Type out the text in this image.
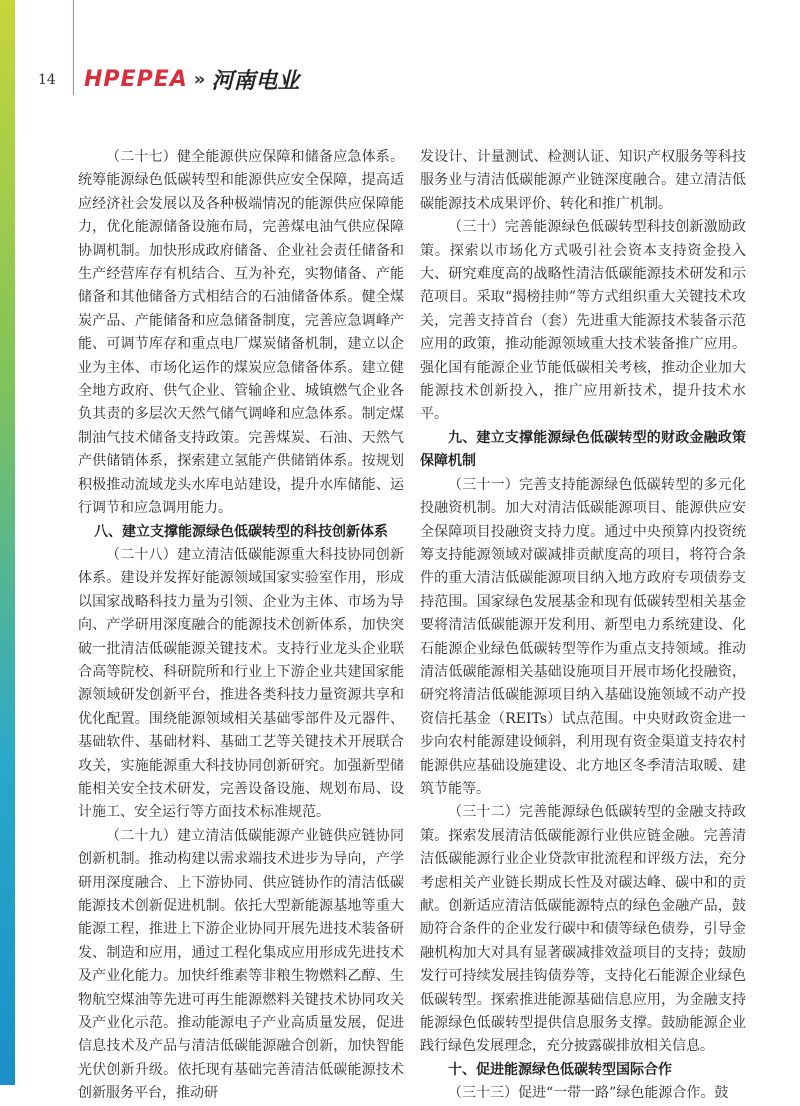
14 HPEPEA » 河南电业

（二十七）健全能源供应保障和储备应急体系。统筹能源绿色低碳转型和能源供应安全保障，提高适应经济社会发展以及各种极端情况的能源供应保障能力，优化能源储备设施布局，完善煤电油气供应保障协调机制。加快形成政府储备、企业社会责任储备和生产经营库存有机结合、互为补充，实物储备、产能储备和其他储备方式相结合的石油储备体系。健全煤炭产品、产能储备和应急储备制度，完善应急调峰产能、可调节库存和重点电厂煤炭储备机制，建立以企业为主体、市场化运作的煤炭应急储备体系。建立健全地方政府、供气企业、管输企业、城镇燃气企业各负其责的多层次天然气储气调峰和应急体系。制定煤制油气技术储备支持政策。完善煤炭、石油、天然气产供储销体系，探索建立氢能产供储销体系。按规划积极推动流域龙头水库电站建设，提升水库储能、运行调节和应急调用能力。

八、建立支撑能源绿色低碳转型的科技创新体系

（二十八）建立清洁低碳能源重大科技协同创新体系。建设并发挥好能源领域国家实验室作用，形成以国家战略科技力量为引领、企业为主体、市场为导向、产学研用深度融合的能源技术创新体系，加快突破一批清洁低碳能源关键技术。支持行业龙头企业联合高等院校、科研院所和行业上下游企业共建国家能源领域研发创新平台，推进各类科技力量资源共享和优化配置。围绕能源领域相关基础零部件及元器件、基础软件、基础材料、基础工艺等关键技术开展联合攻关，实施能源重大科技协同创新研究。加强新型储能相关安全技术研发，完善设备设施、规划布局、设计施工、安全运行等方面技术标准规范。

（二十九）建立清洁低碳能源产业链供应链协同创新机制。推动构建以需求端技术进步为导向，产学研用深度融合、上下游协同、供应链协作的清洁低碳能源技术创新促进机制。依托大型新能源基地等重大能源工程，推进上下游企业协同开展先进技术装备研发、制造和应用，通过工程化集成应用形成先进技术及产业化能力。加快纤维素等非粮生物燃料乙醇、生物航空煤油等先进可再生能源燃料关键技术协同攻关及产业化示范。推动能源电子产业高质量发展，促进信息技术及产品与清洁低碳能源融合创新，加快智能光伏创新升级。依托现有基础完善清洁低碳能源技术创新服务平台，推动研

发设计、计量测试、检测认证、知识产权服务等科技服务业与清洁低碳能源产业链深度融合。建立清洁低碳能源技术成果评价、转化和推广机制。

（三十）完善能源绿色低碳转型科技创新激励政策。探索以市场化方式吸引社会资本支持资金投入大、研究难度高的战略性清洁低碳能源技术研发和示范项目。采取“揭榜挂帅”等方式组织重大关键技术攻关，完善支持首台（套）先进重大能源技术装备示范应用的政策，推动能源领域重大技术装备推广应用。强化国有能源企业节能低碳相关考核，推动企业加大能源技术创新投入，推广应用新技术，提升技术水平。

九、建立支撑能源绿色低碳转型的财政金融政策保障机制

（三十一）完善支持能源绿色低碳转型的多元化投融资机制。加大对清洁低碳能源项目、能源供应安全保障项目投融资支持力度。通过中央预算内投资统筹支持能源领域对碳减排贡献度高的项目，将符合条件的重大清洁低碳能源项目纳入地方政府专项债券支持范围。国家绿色发展基金和现有低碳转型相关基金要将清洁低碳能源开发利用、新型电力系统建设、化石能源企业绿色低碳转型等作为重点支持领域。推动清洁低碳能源相关基础设施项目开展市场化投融资，研究将清洁低碳能源项目纳入基础设施领域不动产投资信托基金（REITs）试点范围。中央财政资金进一步向农村能源建设倾斜，利用现有资金渠道支持农村能源供应基础设施建设、北方地区冬季清洁取暖、建筑节能等。

（三十二）完善能源绿色低碳转型的金融支持政策。探索发展清洁低碳能源行业供应链金融。完善清洁低碳能源行业企业贷款审批流程和评级方法，充分考虑相关产业链长期成长性及对碳达峰、碳中和的贡献。创新适应清洁低碳能源特点的绿色金融产品，鼓励符合条件的企业发行碳中和债等绿色债券，引导金融机构加大对具有显著碳减排效益项目的支持；鼓励发行可持续发展挂钩债券等，支持化石能源企业绿色低碳转型。探索推进能源基础信息应用，为金融支持能源绿色低碳转型提供信息服务支撑。鼓励能源企业践行绿色发展理念，充分披露碳排放相关信息。

十、促进能源绿色低碳转型国际合作

（三十三）促进“一带一路”绿色能源合作。鼓
